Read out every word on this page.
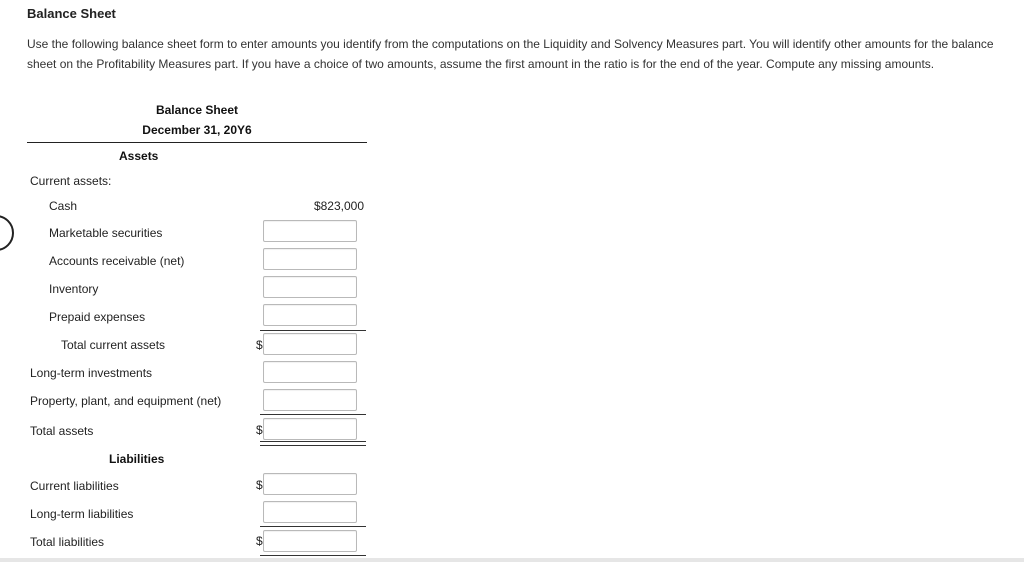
Balance Sheet
Use the following balance sheet form to enter amounts you identify from the computations on the Liquidity and Solvency Measures part. You will identify other amounts for the balance sheet on the Profitability Measures part. If you have a choice of two amounts, assume the first amount in the ratio is for the end of the year. Compute any missing amounts.
Balance Sheet
December 31, 20Y6
Assets
Current assets:
Cash	$823,000
Marketable securities
Accounts receivable (net)
Inventory
Prepaid expenses
Total current assets	$
Long-term investments
Property, plant, and equipment (net)
Total assets	$
Liabilities
Current liabilities	$
Long-term liabilities
Total liabilities	$
